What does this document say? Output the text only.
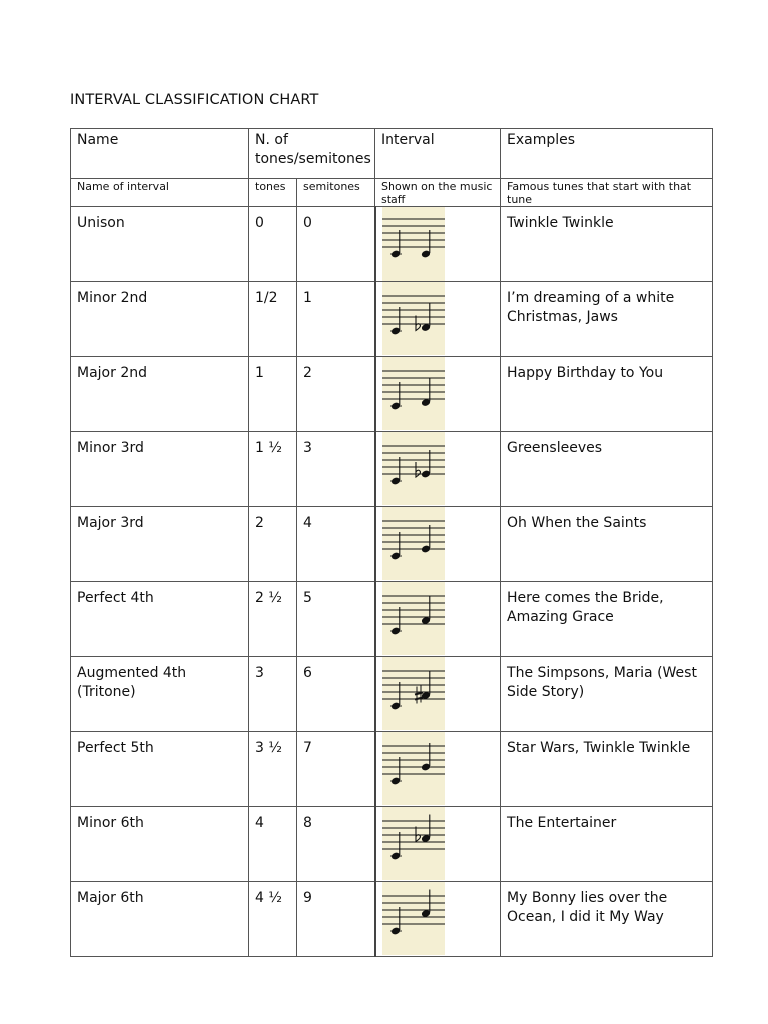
INTERVAL CLASSIFICATION CHART
Name	N. of tones/semitones		Interval	Examples
Name of interval	tones	semitones	Shown on the music staff	Famous tunes that start with that tune
Unison	0	0		Twinkle Twinkle
Minor 2nd	1/2	1		I’m dreaming of a white Christmas, Jaws
Major 2nd	1	2		Happy Birthday to You
Minor 3rd	1 ½	3		Greensleeves
Major 3rd	2	4		Oh When the Saints
Perfect 4th	2 ½	5		Here comes the Bride, Amazing Grace
Augmented 4th (Tritone)	3	6		The Simpsons, Maria (West Side Story)
Perfect 5th	3 ½	7		Star Wars, Twinkle Twinkle
Minor 6th	4	8		The Entertainer
Major 6th	4 ½	9		My Bonny lies over the Ocean, I did it My Way
